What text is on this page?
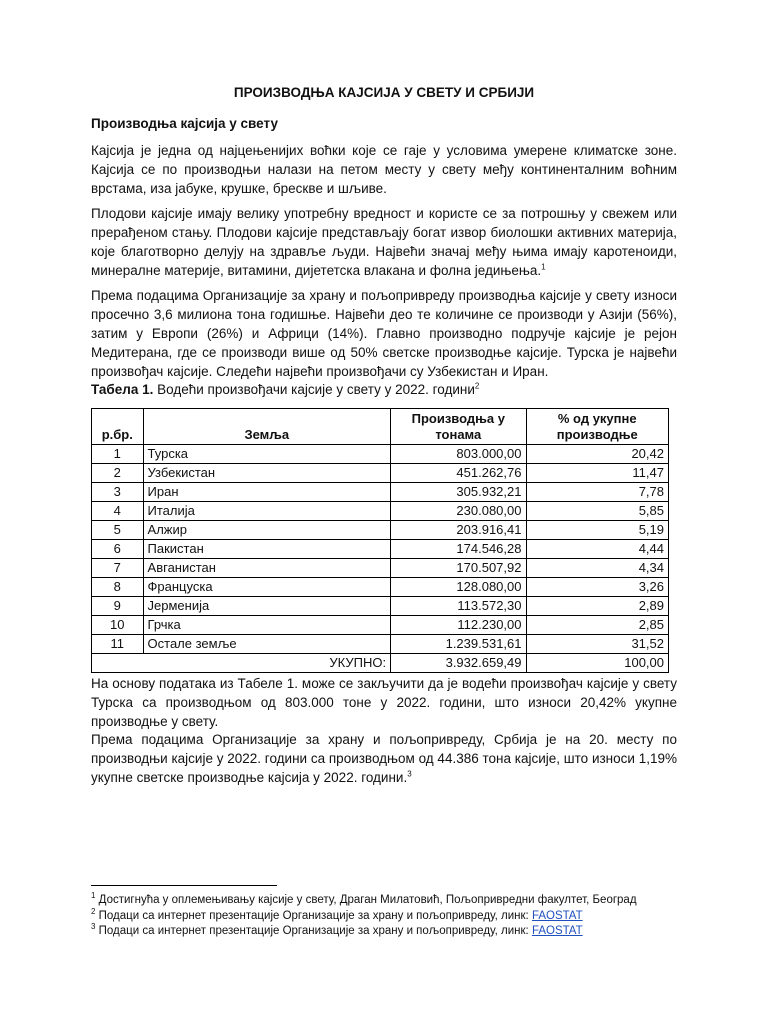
ПРОИЗВОДЊА КАЈСИЈА У СВЕТУ И СРБИЈИ
Производња кајсија у свету

Кајсија је једна од најцењенијих воћки које се гаје у условима умерене климатске зоне. Кајсија се по производњи налази на петом месту у свету међу континенталним воћним врстама, иза јабуке, крушке, бресквe и шљиве.

Плодови кајсије имају велику употребну вредност и користе се за потрошњу у свежем или прерађеном стању. Плодови кајсије представљају богат извор биолошки активних материја, које благотворно делују на здравље људи. Највећи значај међу њима имају каротеноиди, минералне материје, витамини, дијететска влакана и фолна једињења.$^1$

Према подацима Организације за храну и пољопривреду производња кајсије у свету износи просечно 3,6 милиона тона годишње. Највећи део те количине се производи у Азији (56%), затим у Европи (26%) и Африци (14%). Главно производно подручје кајсије је рејон Медитерана, где се производи више од 50% светске производње кајсије. Турска је највећи произвођач кајсије. Следећи највећи произвођачи су Узбекистан и Иран.

Табела 1. Водећи произвођачи кајсије у свету у 2022. години$^2$
р.бр.	Земља	Производња у тонама	% од укупне производње
1	Турска	803.000,00	20,42
2	Узбекистан	451.262,76	11,47
3	Иран	305.932,21	7,78
4	Италија	230.080,00	5,85
5	Алжир	203.916,41	5,19
6	Пакистан	174.546,28	4,44
7	Авганистан	170.507,92	4,34
8	Француска	128.080,00	3,26
9	Јерменија	113.572,30	2,89
10	Грчка	112.230,00	2,85
11	Остале земље	1.239.531,61	31,52
УКУПНО:		3.932.659,49	100,00

На основу података из Табеле 1. може се закључити да је водећи произвођач кајсије у свету Турска са производњом од 803.000 тоне у 2022. години, што износи 20,42% укупне производње у свету.

Према подацима Организације за храну и пољопривреду, Србија је на 20. месту по производњи кајсије у 2022. години са производњом од 44.386 тона кајсије, што износи 1,19% укупне светске производње кајсија у 2022. години.$^3$

$^1$ Достигнућа у оплемењивању кајсије у свету, Драган Милатовић, Пољопривредни факултет, Београд
$^2$ Подаци са интернет презентације Организације за храну и пољопривреду, линк: FAOSTAT
$^3$ Подаци са интернет презентације Организације за храну и пољопривреду, линк: FAOSTAT
